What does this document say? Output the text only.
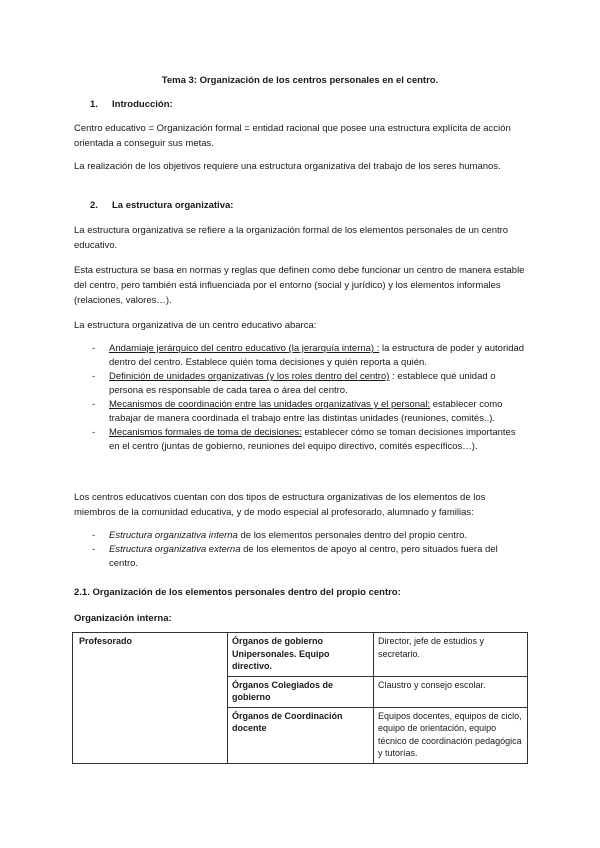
Tema 3: Organización de los centros personales en el centro.
1. Introducción:

Centro educativo = Organización formal = entidad racional que posee una estructura explícita de acción orientada a conseguir sus metas.

La realización de los objetivos requiere una estructura organizativa del trabajo de los seres humanos.

2. La estructura organizativa:

La estructura organizativa se refiere a la organización formal de los elementos personales de un centro educativo.

Esta estructura se basa en normas y reglas que definen como debe funcionar un centro de manera estable del centro, pero también está influenciada por el entorno (social y jurídico) y los elementos informales (relaciones, valores…).

La estructura organizativa de un centro educativo abarca:

- Andamiaje jerárquico del centro educativo (la jerarquía interna) : la estructura de poder y autoridad dentro del centro. Establece quién toma decisiones y quién reporta a quién.
- Definición de unidades organizativas (y los roles dentro del centro) : establece qué unidad o persona es responsable de cada tarea o área del centro.
- Mecanismos de coordinación entre las unidades organizativas y el personal: establecer como trabajar de manera coordinada el trabajo entre las distintas unidades (reuniones, comités..).
- Mecanismos formales de toma de decisiones: establecer cómo se toman decisiones importantes en el centro (juntas de gobierno, reuniones del equipo directivo, comités específicos…).

Los centros educativos cuentan con dos tipos de estructura organizativas de los elementos de los miembros de la comunidad educativa, y de modo especial al profesorado, alumnado y familias:

- Estructura organizativa interna de los elementos personales dentro del propio centro.
- Estructura organizativa externa de los elementos de apoyo al centro, pero situados fuera del centro.

2.1. Organización de los elementos personales dentro del propio centro:

Organización interna:

Profesorado	Órganos de gobierno Unipersonales. Equipo directivo.	Director, jefe de estudios y secretario.
	Órganos Colegiados de gobierno	Claustro y consejo escolar.
	Órganos de Coordinación docente	Equipos docentes, equipos de ciclo, equipo de orientación, equipo técnico de coordinación pedagógica y tutorías.
